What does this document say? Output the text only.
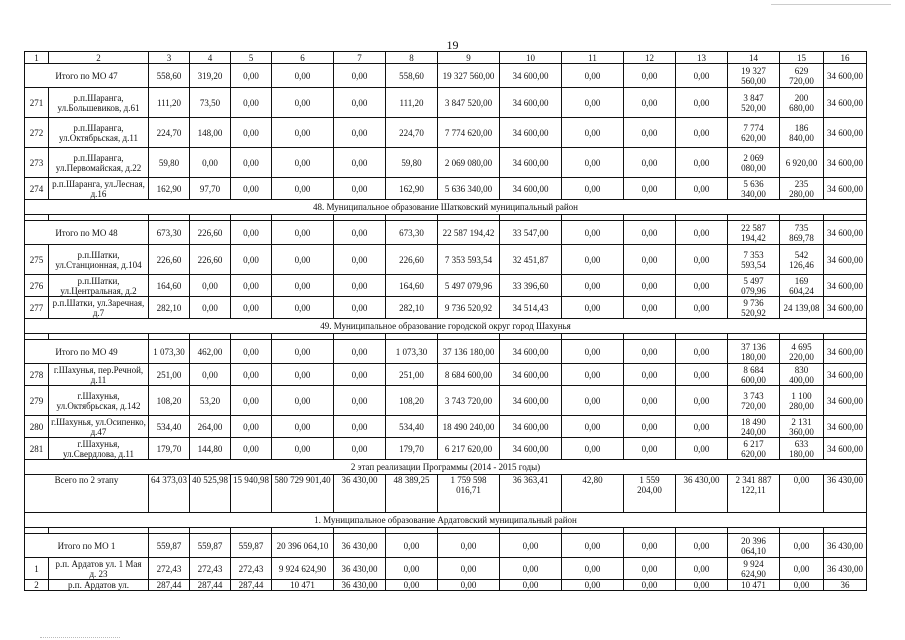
19
1	2	3	4	5	6	7	8	9	10	11	12	13	14	15	16
Итого по МО 47		558,60	319,20	0,00	0,00	0,00	558,60	19 327 560,00	34 600,00	0,00	0,00	0,00	19 327 560,00	629 720,00	34 600,00
271	р.п.Шаранга, ул.Большевиков, д.61	111,20	73,50	0,00	0,00	0,00	111,20	3 847 520,00	34 600,00	0,00	0,00	0,00	3 847 520,00	200 680,00	34 600,00
272	р.п.Шаранга, ул.Октябрьская, д.11	224,70	148,00	0,00	0,00	0,00	224,70	7 774 620,00	34 600,00	0,00	0,00	0,00	7 774 620,00	186 840,00	34 600,00
273	р.п.Шаранга, ул.Первомайская, д.22	59,80	0,00	0,00	0,00	0,00	59,80	2 069 080,00	34 600,00	0,00	0,00	0,00	2 069 080,00	6 920,00	34 600,00
274	р.п.Шаранга, ул.Лесная, д.16	162,90	97,70	0,00	0,00	0,00	162,90	5 636 340,00	34 600,00	0,00	0,00	0,00	5 636 340,00	235 280,00	34 600,00
48. Муниципальное образование Шатковский муниципальный район															

Итого по МО 48		673,30	226,60	0,00	0,00	0,00	673,30	22 587 194,42	33 547,00	0,00	0,00	0,00	22 587 194,42	735 869,78	34 600,00
275	р.п.Шатки, ул.Станционная, д.104	226,60	226,60	0,00	0,00	0,00	226,60	7 353 593,54	32 451,87	0,00	0,00	0,00	7 353 593,54	542 126,46	34 600,00
276	р.п.Шатки, ул.Центральная, д.2	164,60	0,00	0,00	0,00	0,00	164,60	5 497 079,96	33 396,60	0,00	0,00	0,00	5 497 079,96	169 604,24	34 600,00
277	р.п.Шатки, ул.Заречная, д.7	282,10	0,00	0,00	0,00	0,00	282,10	9 736 520,92	34 514,43	0,00	0,00	0,00	9 736 520,92	24 139,08	34 600,00
49. Муниципальное образование городской округ город Шахунья															

Итого по МО 49		1 073,30	462,00	0,00	0,00	0,00	1 073,30	37 136 180,00	34 600,00	0,00	0,00	0,00	37 136 180,00	4 695 220,00	34 600,00
278	г.Шахунья, пер.Речной, д.11	251,00	0,00	0,00	0,00	0,00	251,00	8 684 600,00	34 600,00	0,00	0,00	0,00	8 684 600,00	830 400,00	34 600,00
279	г.Шахунья, ул.Октябрьская, д.142	108,20	53,20	0,00	0,00	0,00	108,20	3 743 720,00	34 600,00	0,00	0,00	0,00	3 743 720,00	1 100 280,00	34 600,00
280	г.Шахунья, ул.Осипенко, д.47	534,40	264,00	0,00	0,00	0,00	534,40	18 490 240,00	34 600,00	0,00	0,00	0,00	18 490 240,00	2 131 360,00	34 600,00
281	г.Шахунья, ул.Свердлова, д.11	179,70	144,80	0,00	0,00	0,00	179,70	6 217 620,00	34 600,00	0,00	0,00	0,00	6 217 620,00	633 180,00	34 600,00
2 этап реализации Программы (2014 - 2015 годы)															
Всего по 2 этапу		64 373,03	40 525,98	15 940,98	580 729 901,40	36 430,00	48 389,25	1 759 598 016,71	36 363,41	42,80	1 559 204,00	36 430,00	2 341 887 122,11	0,00	36 430,00
1. Муниципальное образование Ардатовский муниципальный район															

Итого по МО 1		559,87	559,87	559,87	20 396 064,10	36 430,00	0,00	0,00	0,00	0,00	0,00	0,00	20 396 064,10	0,00	36 430,00
1	р.п. Ардатов ул. 1 Мая д. 23	272,43	272,43	272,43	9 924 624,90	36 430,00	0,00	0,00	0,00	0,00	0,00	0,00	9 924 624,90	0,00	36 430,00
2	р.п. Ардатов ул.	287,44	287,44	287,44	10 471	36 430,00	0,00	0,00	0,00	0,00	0,00	0,00	10 471	0,00	36
